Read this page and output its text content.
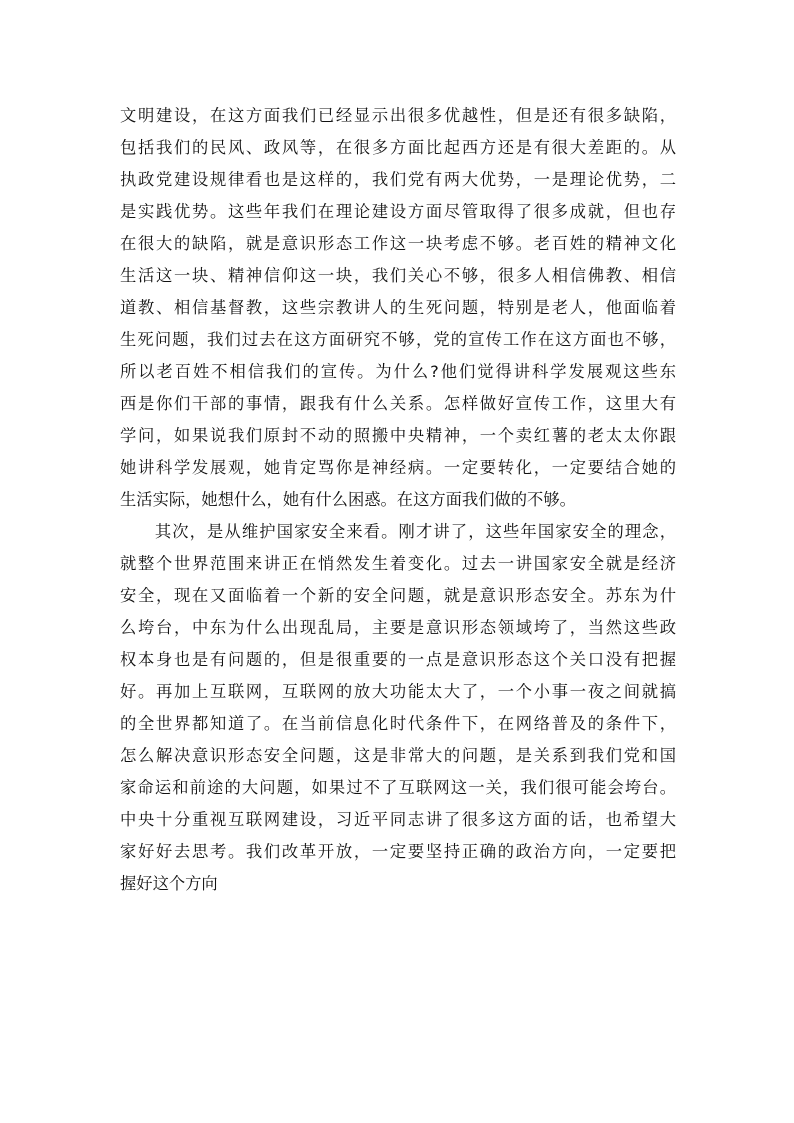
文明建设，在这方面我们已经显示出很多优越性，但是还有很多缺陷，
包括我们的民风、政风等，在很多方面比起西方还是有很大差距的。从
执政党建设规律看也是这样的，我们党有两大优势，一是理论优势，二
是实践优势。这些年我们在理论建设方面尽管取得了很多成就，但也存
在很大的缺陷，就是意识形态工作这一块考虑不够。老百姓的精神文化
生活这一块、精神信仰这一块，我们关心不够，很多人相信佛教、相信
道教、相信基督教，这些宗教讲人的生死问题，特别是老人，他面临着
生死问题，我们过去在这方面研究不够，党的宣传工作在这方面也不够，
所以老百姓不相信我们的宣传。为什么?他们觉得讲科学发展观这些东
西是你们干部的事情，跟我有什么关系。怎样做好宣传工作，这里大有
学问，如果说我们原封不动的照搬中央精神，一个卖红薯的老太太你跟
她讲科学发展观，她肯定骂你是神经病。一定要转化，一定要结合她的
生活实际，她想什么，她有什么困惑。在这方面我们做的不够。
　　其次，是从维护国家安全来看。刚才讲了，这些年国家安全的理念，
就整个世界范围来讲正在悄然发生着变化。过去一讲国家安全就是经济
安全，现在又面临着一个新的安全问题，就是意识形态安全。苏东为什
么垮台，中东为什么出现乱局，主要是意识形态领域垮了，当然这些政
权本身也是有问题的，但是很重要的一点是意识形态这个关口没有把握
好。再加上互联网，互联网的放大功能太大了，一个小事一夜之间就搞
的全世界都知道了。在当前信息化时代条件下，在网络普及的条件下，
怎么解决意识形态安全问题，这是非常大的问题，是关系到我们党和国
家命运和前途的大问题，如果过不了互联网这一关，我们很可能会垮台。
中央十分重视互联网建设，习近平同志讲了很多这方面的话，也希望大
家好好去思考。我们改革开放，一定要坚持正确的政治方向，一定要把
握好这个方向
